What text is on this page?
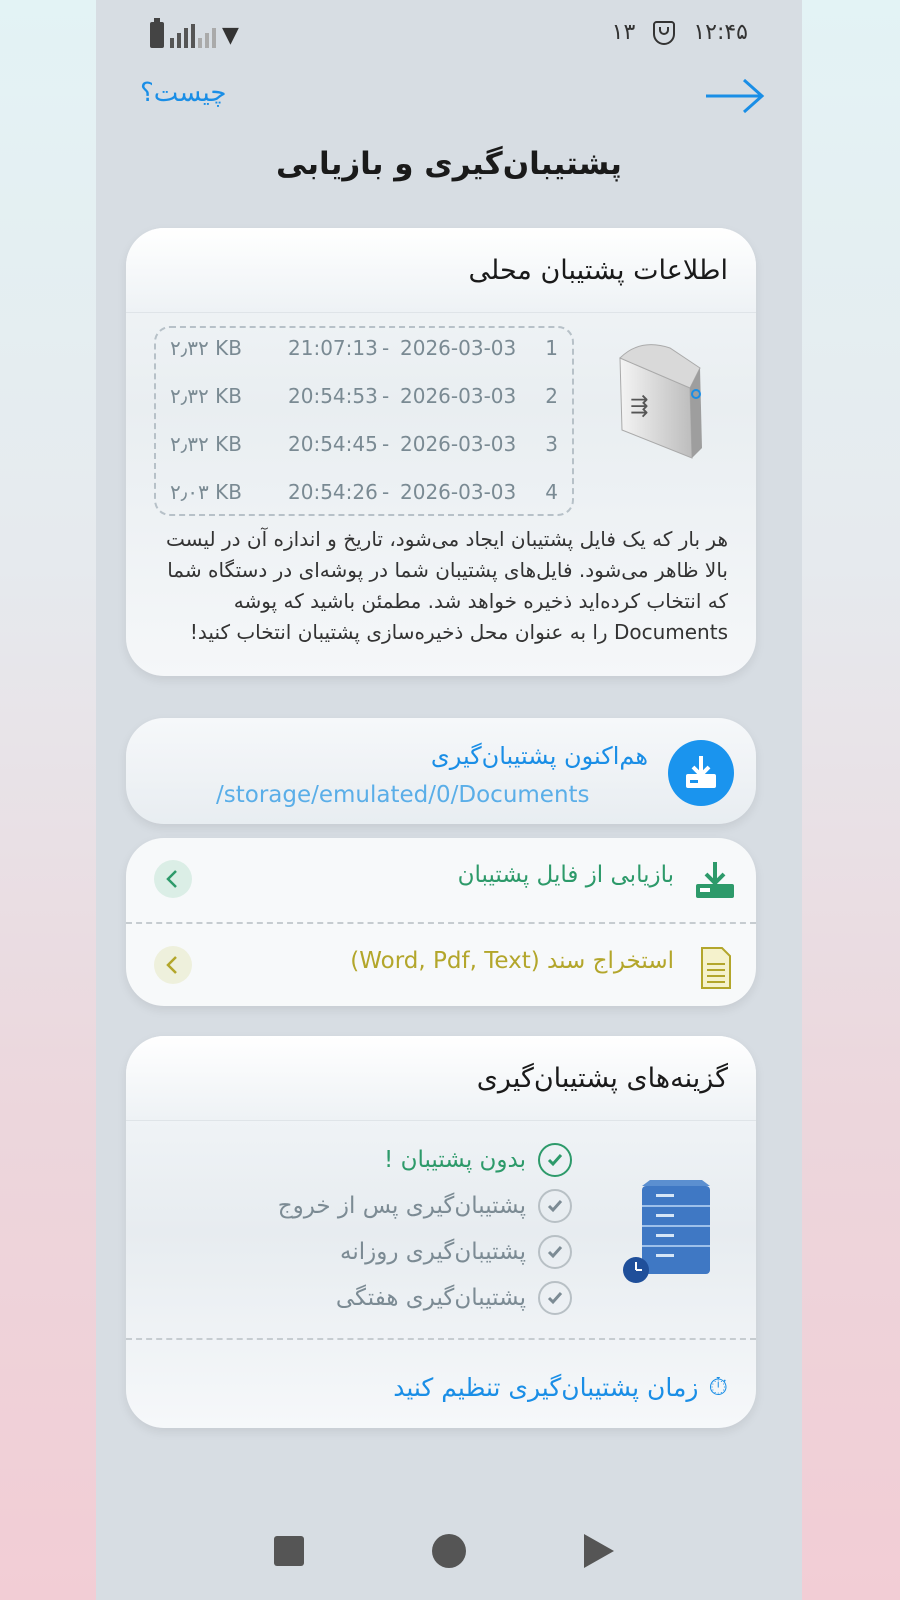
▼	۱۳	۱۲:۴۵
چیست؟
پشتیبان‌گیری و بازیابی
اطلاعات پشتیبان محلی
۲٫۳۲ KB 21:07:13 - 2026-03-03 1
۲٫۳۲ KB 20:54:53 - 2026-03-03 2
۲٫۳۲ KB 20:54:45 - 2026-03-03 3
۲٫۰۳ KB 20:54:26 - 2026-03-03 4
⇶
هر بار که یک فایل پشتیبان ایجاد می‌شود، تاریخ و اندازه آن در لیست بالا ظاهر می‌شود. فایل‌های پشتیبان شما در پوشه‌ای در دستگاه شما که انتخاب کرده‌اید ذخیره خواهد شد. مطمئن باشید که پوشه Documents را به عنوان محل ذخیره‌سازی پشتیبان انتخاب کنید!
هم‌اکنون پشتیبان‌گیری
/storage/emulated/0/Documents
بازیابی از فایل پشتیبان
استخراج سند (Word, Pdf, Text)
گزینه‌های پشتیبان‌گیری
بدون پشتیبان !
پشتیبان‌گیری پس از خروج
پشتیبان‌گیری روزانه
پشتیبان‌گیری هفتگی
⏱
زمان پشتیبان‌گیری تنظیم کنید
